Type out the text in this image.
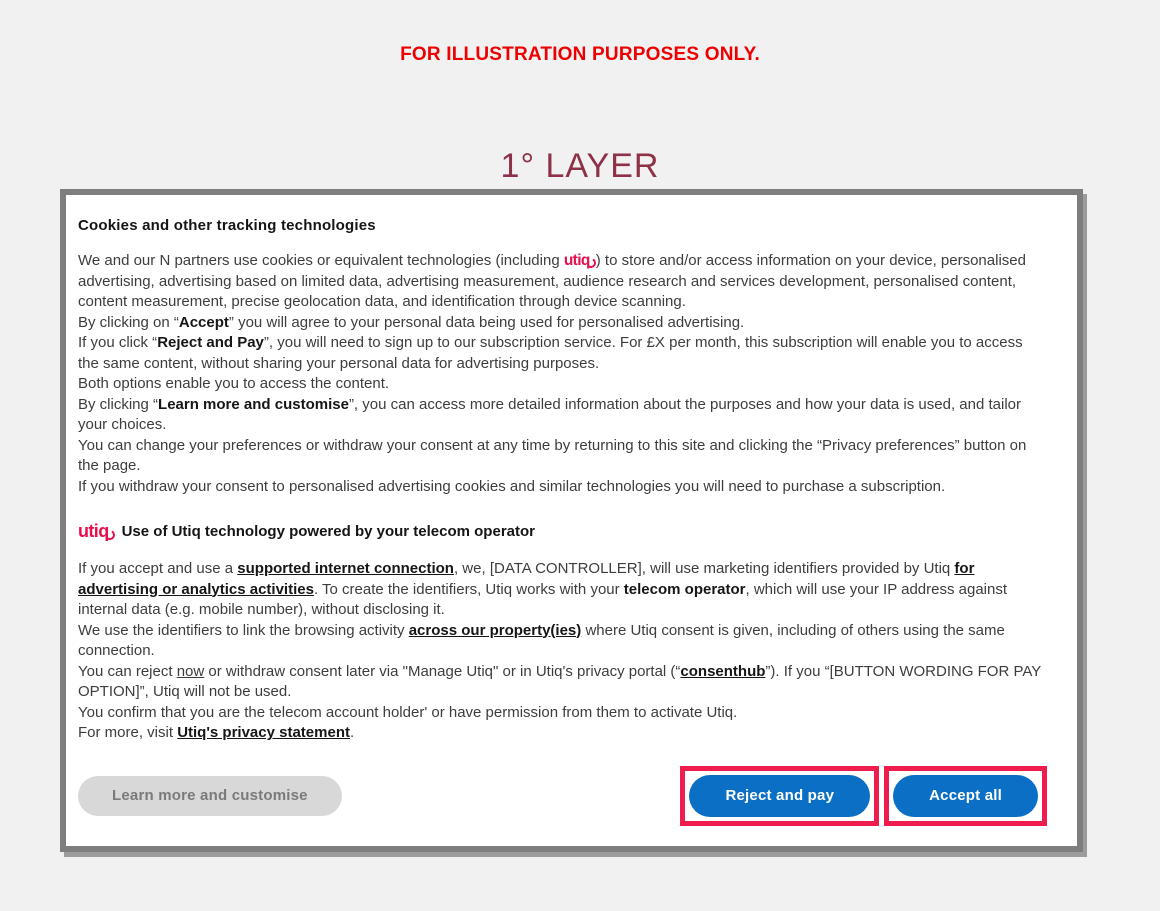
FOR ILLUSTRATION PURPOSES ONLY.
1° LAYER
Cookies and other tracking technologies

We and our N partners use cookies or equivalent technologies (including utiq ) to store and/or access information on your device, personalised advertising, advertising based on limited data, advertising measurement, audience research and services development, personalised content, content measurement, precise geolocation data, and identification through device scanning.

By clicking on “Accept” you will agree to your personal data being used for personalised advertising.

If you click “Reject and Pay”, you will need to sign up to our subscription service. For £X per month, this subscription will enable you to access the same content, without sharing your personal data for advertising purposes.

Both options enable you to access the content.

By clicking “Learn more and customise”, you can access more detailed information about the purposes and how your data is used, and tailor your choices.

You can change your preferences or withdraw your consent at any time by returning to this site and clicking the “Privacy preferences” button on the page.

If you withdraw your consent to personalised advertising cookies and similar technologies you will need to purchase a subscription.

utiq Use of Utiq technology powered by your telecom operator

If you accept and use a supported internet connection, we, [DATA CONTROLLER], will use marketing identifiers provided by Utiq for advertising or analytics activities. To create the identifiers, Utiq works with your telecom operator, which will use your IP address against internal data (e.g. mobile number), without disclosing it.

We use the identifiers to link the browsing activity across our property(ies) where Utiq consent is given, including of others using the same connection.

You can reject now or withdraw consent later via "Manage Utiq" or in Utiq's privacy portal (“consenthub”). If you “[BUTTON WORDING FOR PAY OPTION]”, Utiq will not be used.

You confirm that you are the telecom account holder' or have permission from them to activate Utiq.

For more, visit Utiq's privacy statement.

Learn more and customise	Reject and pay	Accept all
